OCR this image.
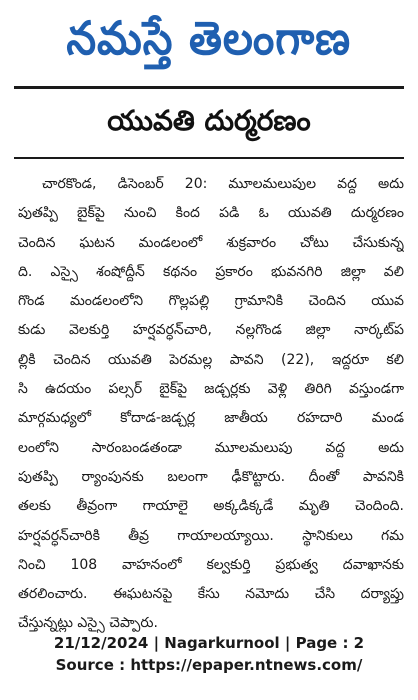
నమస్తే తెలంగాణ
యువతి దుర్మరణం
చారకొండ, డిసెంబర్ 20: మూలమలుపుల వద్ద అదు
పుతప్పి బైక్‌పై నుంచి కింద పడి ఓ యువతి దుర్మరణం
చెందిన ఘటన మండలంలో శుక్రవారం చోటు చేసుకున్న
ది. ఎస్సై శంషోద్దీన్ కథనం ప్రకారం భువనగిరి జిల్లా వలి
గొండ మండలంలోని గొల్లపల్లి గ్రామానికి చెందిన యువ
కుడు వెలకుర్తి హర్షవర్ధన్‌చారి, నల్లగొండ జిల్లా నార్కట్‌ప
ల్లికి చెందిన యువతి పెరమల్ల పావని (22), ఇద్దరూ కలి
సి ఉదయం పల్సర్ బైక్‌పై జడ్చర్లకు వెళ్లి తిరిగి వస్తుండగా
మార్గమధ్యలో కోదాడ-జడ్చర్ల జాతీయ రహదారి మండ
లంలోని సారంబండతండా మూలమలుపు వద్ద అదు
పుతప్పి ర్యాంపునకు బలంగా ఢీకొట్టారు. దీంతో పావనికి
తలకు తీవ్రంగా గాయాలై అక్కడిక్కడే మృతి చెందింది.
హర్షవర్ధన్‌చారికి తీవ్ర గాయాలయ్యాయి. స్థానికులు గమ
నించి 108 వాహనంలో కల్వకుర్తి ప్రభుత్వ దవాఖానకు
తరలించారు. ఈఘటనపై కేసు నమోదు చేసి దర్యాప్తు
చేస్తున్నట్లు ఎస్సై చెప్పారు.
21/12/2024 | Nagarkurnool | Page : 2
Source : https://epaper.ntnews.com/
